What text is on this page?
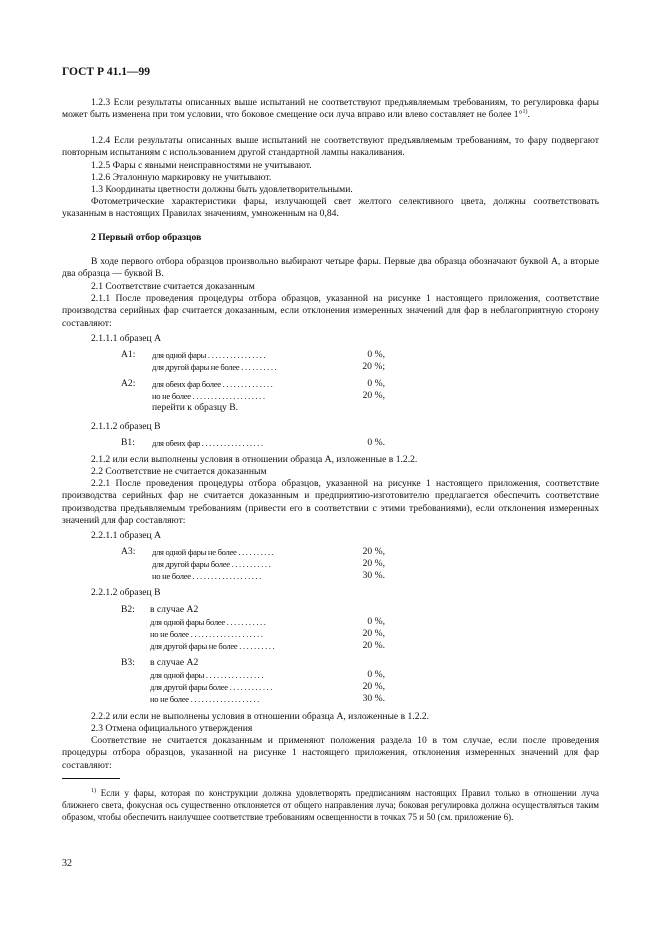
ГОСТ Р 41.1—99

1.2.3 Если результаты описанных выше испытаний не соответствуют предъявляемым требованиям, то регулировка фары может быть изменена при том условии, что боковое смещение оси луча вправо или влево составляет не более 1°$^{1)}$.

1.2.4 Если результаты описанных выше испытаний не соответствуют предъявляемым требованиям, то фару подвергают повторным испытаниям с использованием другой стандартной лампы накаливания.

1.2.5 Фары с явными неисправностями не учитывают.
1.2.6 Эталонную маркировку не учитывают.
1.3 Координаты цветности должны быть удовлетворительными.

Фотометрические характеристики фары, излучающей свет желтого селективного цвета, должны соответствовать указанным в настоящих Правилах значениям, умноженным на 0,84.

2 Первый отбор образцов

В ходе первого отбора образцов произвольно выбирают четыре фары. Первые два образца обозначают буквой А, а вторые два образца — буквой В.

2.1 Соответствие считается доказанным

2.1.1 После проведения процедуры отбора образцов, указанной на рисунке 1 настоящего приложения, соответствие производства серийных фар считается доказанным, если отклонения измеренных значений для фар в неблагоприятную сторону составляют:

2.1.1.1 образец А
А1: для одной фары . . . . . . . . . . . . . . . .	0 %,
для другой фары не более . . . . . . . . . .	20 %;
А2: для обеих фар более . . . . . . . . . . . . . .	0 %,
но не более . . . . . . . . . . . . . . . . . . . .	20 %,
перейти к образцу В.
2.1.1.2 образец В
В1: для обеих фар . . . . . . . . . . . . . . . . .	0 %.
2.1.2 или если выполнены условия в отношении образца А, изложенные в 1.2.2.
2.2 Соответствие не считается доказанным

2.2.1 После проведения процедуры отбора образцов, указанной на рисунке 1 настоящего приложения, соответствие производства серийных фар не считается доказанным и предприятию-изготовителю предлагается обеспечить соответствие производства предъявляемым требованиям (привести его в соответствии с этими требованиями), если отклонения измеренных значений для фар составляют:

2.2.1.1 образец А
А3: для одной фары не более . . . . . . . . . .	20 %,
для другой фары более . . . . . . . . . . .	20 %,
но не более . . . . . . . . . . . . . . . . . . .	30 %.
2.2.1.2 образец В
В2: в случае А2
для одной фары более . . . . . . . . . . .	0 %,
но не более . . . . . . . . . . . . . . . . . . . .	20 %,
для другой фары не более . . . . . . . . . .	20 %.
В3: в случае А2
для одной фары . . . . . . . . . . . . . . . .	0 %,
для другой фары более . . . . . . . . . . . .	20 %,
но не более . . . . . . . . . . . . . . . . . . .	30 %.
2.2.2 или если не выполнены условия в отношении образца А, изложенные в 1.2.2.
2.3 Отмена официального утверждения

Соответствие не считается доказанным и применяют положения раздела 10 в том случае, если после проведения процедуры отбора образцов, указанной на рисунке 1 настоящего приложения, отклонения измеренных значений для фар составляют:

$^{1)}$ Если у фары, которая по конструкции должна удовлетворять предписаниям настоящих Правил только в отношении луча ближнего света, фокусная ось существенно отклоняется от общего направления луча; боковая регулировка должна осуществляться таким образом, чтобы обеспечить наилучшее соответствие требованиям освещенности в точках 75 и 50 (см. приложение 6).

32
